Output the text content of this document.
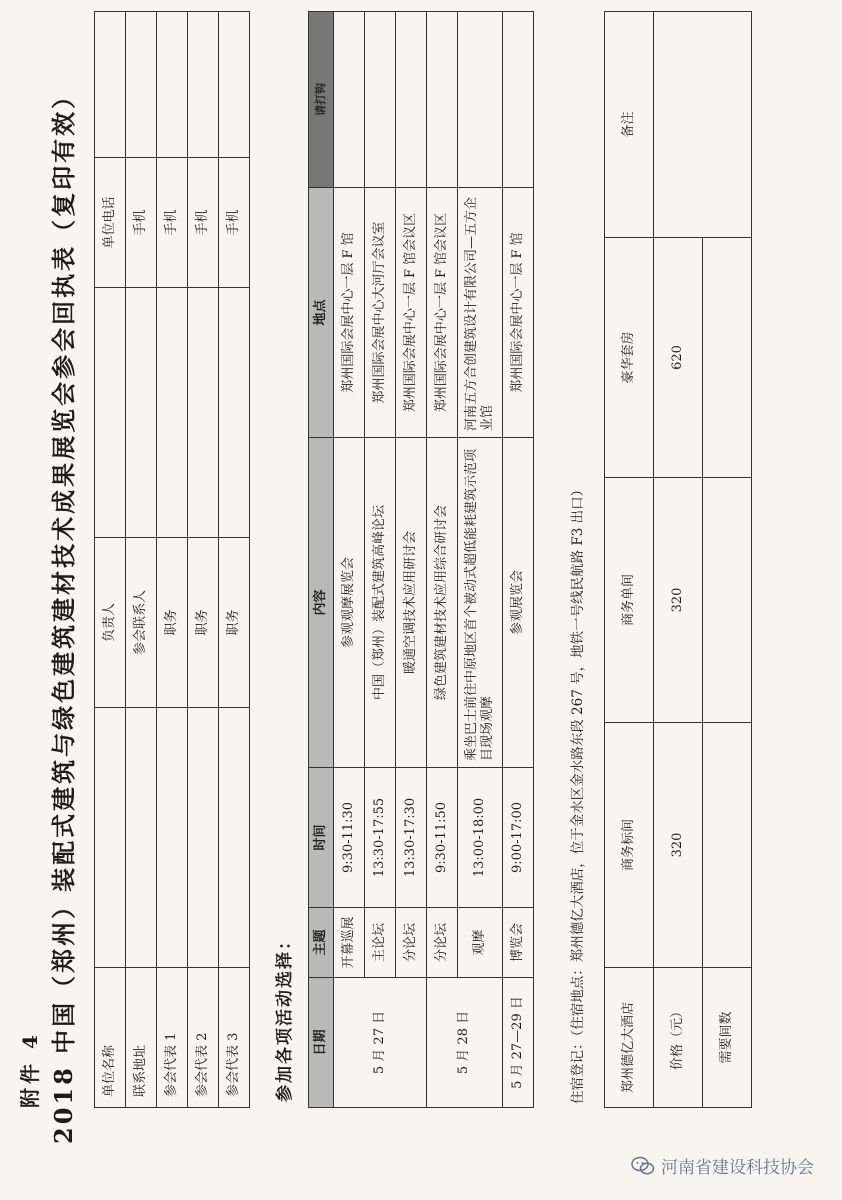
附件 4 2018 中国（郑州）装配式建筑与绿色建筑建材技术成果展览会参会回执表（复印有效） 单位名称		负责人		单位电话	
联系地址		参会联系人		手机	
参会代表 1		职务		手机	
参会代表 2		职务		手机	
参会代表 3		职务		手机	
参加各项活动选择： 日期	主题	时间	内容	地点	请打钩
5 月 27 日	开幕巡展	9:30-11:30	参观观摩展览会	郑州国际会展中心一层 F 馆	
	主论坛	13:30-17:55	中国（郑州）装配式建筑高峰论坛	郑州国际会展中心大河厅会议室	
	分论坛	13:30-17:30	暖通空调技术应用研讨会	郑州国际会展中心一层 F 馆会议区	
5 月 28 日	分论坛	9:30-11:50	绿色建筑建材技术应用综合研讨会	郑州国际会展中心一层 F 馆会议区	
	观摩	13:00-18:00	乘坐巴士前往中原地区首个被动式超低能耗建筑示范项目现场观摩	河南五方合创建筑设计有限公司—五方企业馆	
5 月 27—29 日	博览会	9:00-17:00	参观展览会	郑州国际会展中心一层 F 馆	
住宿登记：（住宿地点：郑州德亿大酒店，位于金水区金水路东段 267 号，地铁一号线民航路 F3 出口）	郑州德亿大酒店	商务标间	商务单间	豪华套房	备注
价格（元）	320	320	620	
需要间数				
河南省建设科技协会
